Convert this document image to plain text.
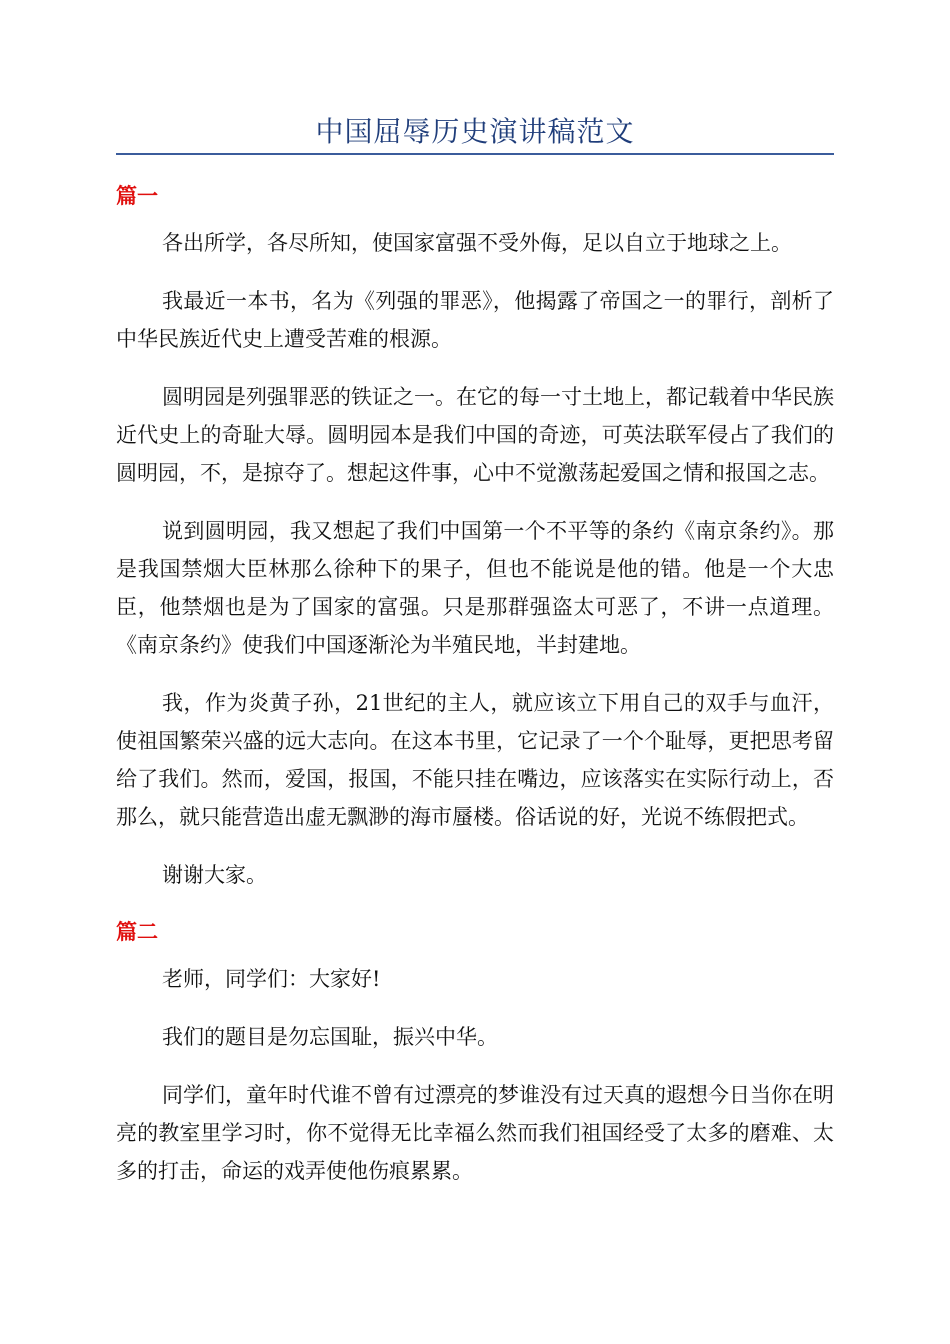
中国屈辱历史演讲稿范文
篇一

各出所学，各尽所知，使国家富强不受外侮，足以自立于地球之上。

我最近一本书，名为《列强的罪恶》，他揭露了帝国之一的罪行，剖析了中华民族近代史上遭受苦难的根源。

圆明园是列强罪恶的铁证之一。在它的每一寸土地上，都记载着中华民族近代史上的奇耻大辱。圆明园本是我们中国的奇迹，可英法联军侵占了我们的圆明园，不，是掠夺了。想起这件事，心中不觉激荡起爱国之情和报国之志。

说到圆明园，我又想起了我们中国第一个不平等的条约《南京条约》。那是我国禁烟大臣林那么徐种下的果子，但也不能说是他的错。他是一个大忠臣，他禁烟也是为了国家的富强。只是那群强盗太可恶了，不讲一点道理。《南京条约》使我们中国逐渐沦为半殖民地，半封建地。

我，作为炎黄子孙，21世纪的主人，就应该立下用自己的双手与血汗，使祖国繁荣兴盛的远大志向。在这本书里，它记录了一个个耻辱，更把思考留给了我们。然而，爱国，报国，不能只挂在嘴边，应该落实在实际行动上，否那么，就只能营造出虚无飘渺的海市蜃楼。俗话说的好，光说不练假把式。

谢谢大家。

篇二

老师，同学们：大家好!

我们的题目是勿忘国耻，振兴中华。

同学们，童年时代谁不曾有过漂亮的梦谁没有过天真的遐想今日当你在明亮的教室里学习时，你不觉得无比幸福么然而我们祖国经受了太多的磨难、太多的打击，命运的戏弄使他伤痕累累。
